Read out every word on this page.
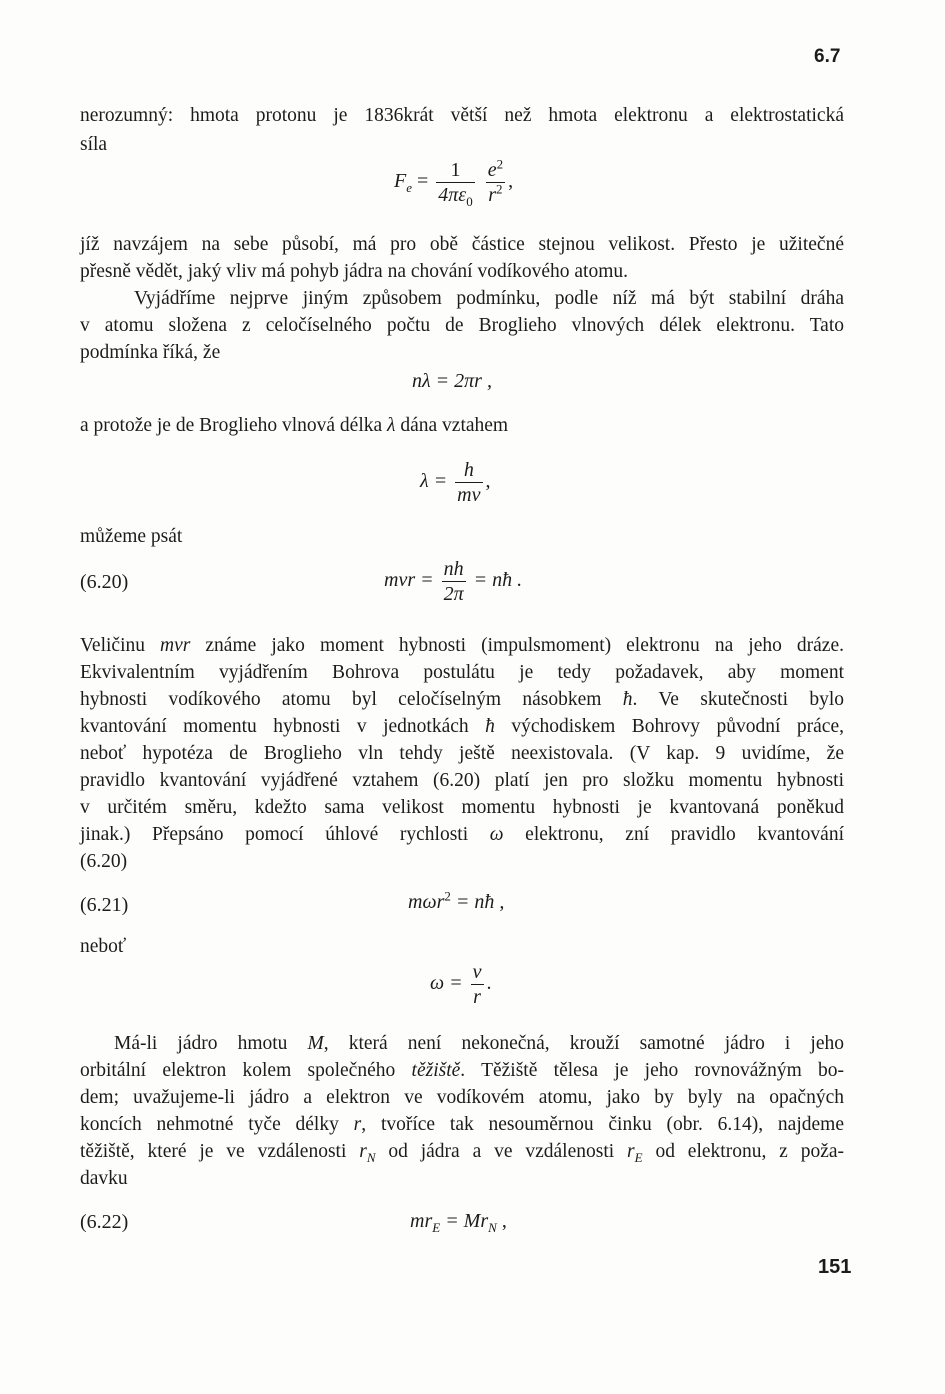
6.7
nerozumný: hmota protonu je 1836krát větší než hmota elektronu a elektrostatická
síla
$F_e = \frac{1}{4\pi\varepsilon_0}$
$\frac{e^2}{r^2}$ ,
jíž navzájem na sebe působí, má pro obě částice stejnou velikost. Přesto je užitečné
přesně vědět, jaký vliv má pohyb jádra na chování vodíkového atomu.
Vyjádříme nejprve jiným způsobem podmínku, podle níž má být stabilní dráha
v atomu složena z celočíselného počtu de Broglieho vlnových délek elektronu. Tato
podmínka říká, že
nλ = 2πr ,
a protože je de Broglieho vlnová délka λ dána vztahem
$\lambda = \frac{h}{mv}$ ,
můžeme psát
(6.20)	mvr = $\frac{nh}{2\pi}$ = nħ .
Veličinu mvr známe jako moment hybnosti (impulsmoment) elektronu na jeho dráze.
Ekvivalentním vyjádřením Bohrova postulátu je tedy požadavek, aby moment
hybnosti vodíkového atomu byl celočíselným násobkem ħ. Ve skutečnosti bylo
kvantování momentu hybnosti v jednotkách ħ východiskem Bohrovy původní práce,
neboť hypotéza de Broglieho vln tehdy ještě neexistovala. (V kap. 9 uvidíme, že
pravidlo kvantování vyjádřené vztahem (6.20) platí jen pro složku momentu hybnosti
v určitém směru, kdežto sama velikost momentu hybnosti je kvantovaná poněkud
jinak.) Přepsáno pomocí úhlové rychlosti ω elektronu, zní pravidlo kvantování
(6.20)
(6.21)	mωr$^2$ = nħ ,
neboť
$\omega = \frac{v}{r}$ .
Má-li jádro hmotu M, která není nekonečná, krouží samotné jádro i jeho
orbitální elektron kolem společného těžiště. Těžiště tělesa je jeho rovnovážným bo-
dem; uvažujeme-li jádro a elektron ve vodíkovém atomu, jako by byly na opačných
koncích nehmotné tyče délky r, tvoříce tak nesouměrnou činku (obr. 6.14), najdeme
těžiště, které je ve vzdálenosti $r_N$ od jádra a ve vzdálenosti $r_E$ od elektronu, z poža-
davku
(6.22)	$mr_E = Mr_N$ ,
151
